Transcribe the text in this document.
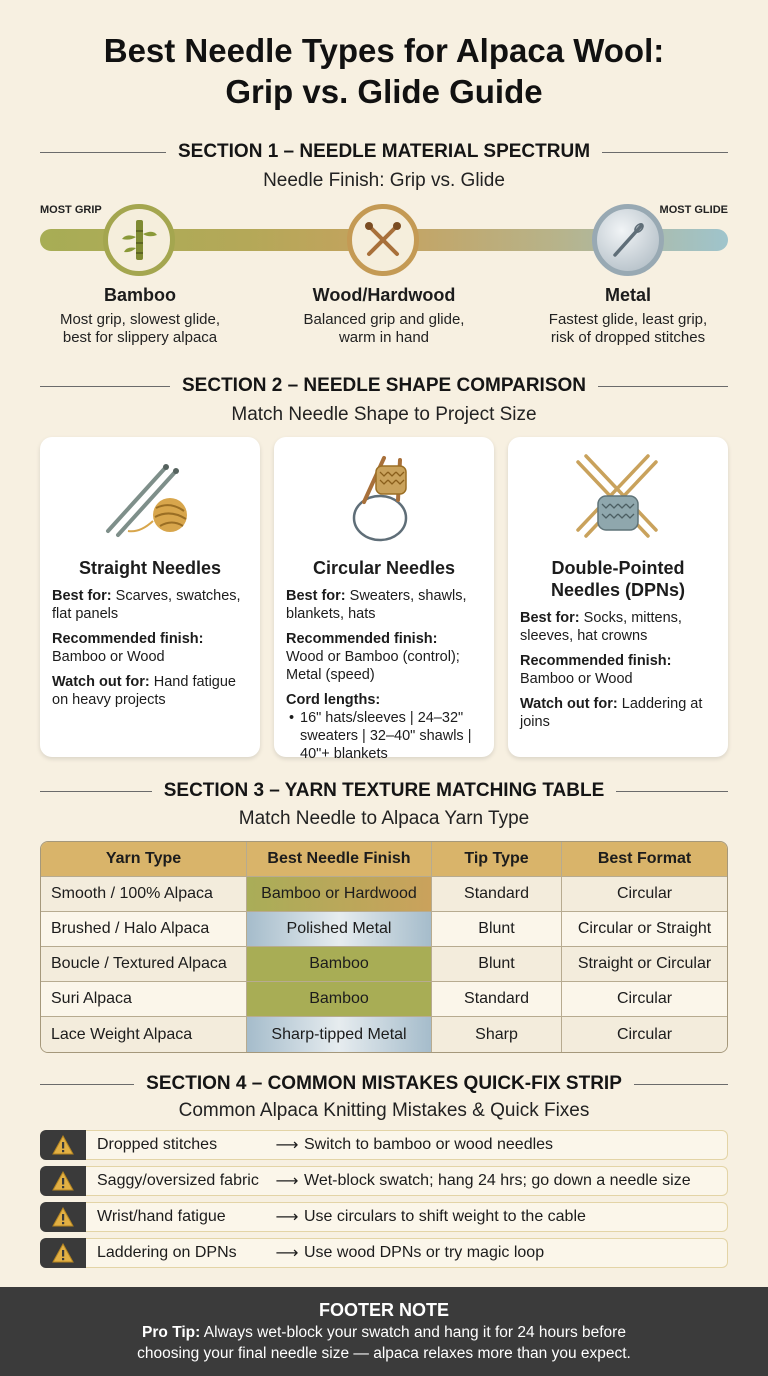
Best Needle Types for Alpaca Wool:
Grip vs. Glide Guide
SECTION 1 – NEEDLE MATERIAL SPECTRUM
Needle Finish: Grip vs. Glide
MOST GRIP	MOST GLIDE
Bamboo
Most grip, slowest glide,
best for slippery alpaca
Wood/Hardwood
Balanced grip and glide,
warm in hand
Metal
Fastest glide, least grip,
risk of dropped stitches
SECTION 2 – NEEDLE SHAPE COMPARISON
Match Needle Shape to Project Size
Straight Needles
Best for: Scarves, swatches, flat panels
Recommended finish:
Bamboo or Wood
Watch out for: Hand fatigue on heavy projects
Circular Needles
Best for: Sweaters, shawls, blankets, hats
Recommended finish:
Wood or Bamboo (control); Metal (speed)
Cord lengths:
• 16" hats/sleeves | 24–32" sweaters | 32–40" shawls | 40"+ blankets
Double-Pointed Needles (DPNs)
Best for: Socks, mittens, sleeves, hat crowns
Recommended finish:
Bamboo or Wood
Watch out for: Laddering at joins
SECTION 3 – YARN TEXTURE MATCHING TABLE
Match Needle to Alpaca Yarn Type
Yarn Type	Best Needle Finish	Tip Type	Best Format
Smooth / 100% Alpaca	Bamboo or Hardwood	Standard	Circular
Brushed / Halo Alpaca	Polished Metal	Blunt	Circular or Straight
Boucle / Textured Alpaca	Bamboo	Blunt	Straight or Circular
Suri Alpaca	Bamboo	Standard	Circular
Lace Weight Alpaca	Sharp-tipped Metal	Sharp	Circular
SECTION 4 – COMMON MISTAKES QUICK-FIX STRIP
Common Alpaca Knitting Mistakes & Quick Fixes
Dropped stitches	⟶ Switch to bamboo or wood needles
Saggy/oversized fabric	⟶ Wet-block swatch; hang 24 hrs; go down a needle size
Wrist/hand fatigue	⟶ Use circulars to shift weight to the cable
Laddering on DPNs	⟶ Use wood DPNs or try magic loop
FOOTER NOTE
Pro Tip: Always wet-block your swatch and hang it for 24 hours before
choosing your final needle size — alpaca relaxes more than you expect.
